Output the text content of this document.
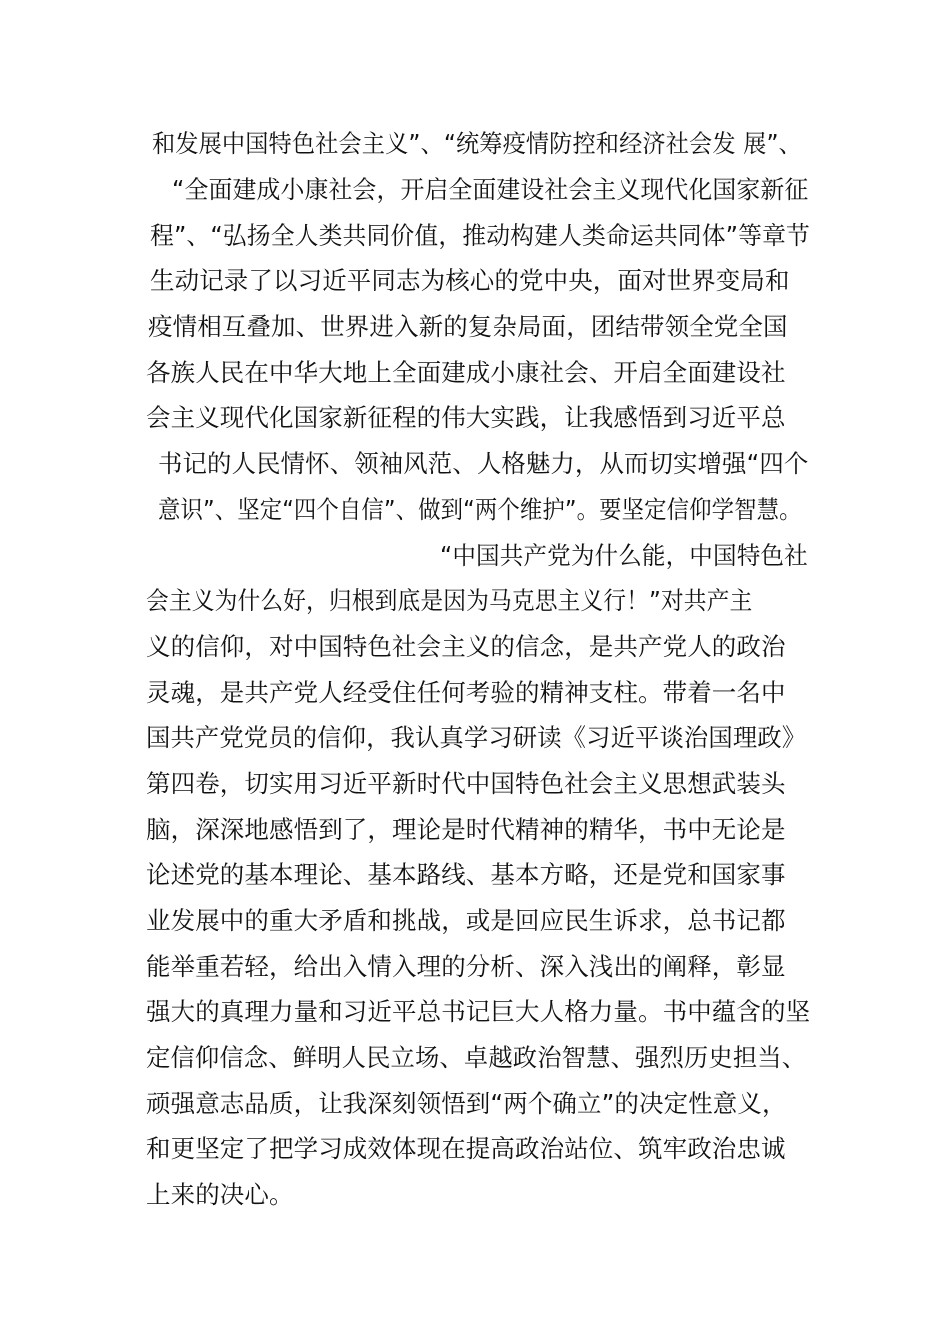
和发展中国特色社会主义”、“统筹疫情防控和经济社会发 展”、
“全面建成小康社会，开启全面建设社会主义现代化国家新征
程”、“弘扬全人类共同价值，推动构建人类命运共同体”等章节
生动记录了以习近平同志为核心的党中央，面对世界变局和
疫情相互叠加、世界进入新的复杂局面，团结带领全党全国
各族人民在中华大地上全面建成小康社会、开启全面建设社
会主义现代化国家新征程的伟大实践，让我感悟到习近平总
书记的人民情怀、领袖风范、人格魅力，从而切实增强“四个
意识”、坚定“四个自信”、做到“两个维护”。要坚定信仰学智慧。
“中国共产党为什么能，中国特色社
会主义为什么好，归根到底是因为马克思主义行！”对共产主
义的信仰，对中国特色社会主义的信念，是共产党人的政治
灵魂，是共产党人经受住任何考验的精神支柱。带着一名中
国共产党党员的信仰，我认真学习研读《习近平谈治国理政》
第四卷，切实用习近平新时代中国特色社会主义思想武装头
脑，深深地感悟到了，理论是时代精神的精华，书中无论是
论述党的基本理论、基本路线、基本方略，还是党和国家事
业发展中的重大矛盾和挑战，或是回应民生诉求，总书记都
能举重若轻，给出入情入理的分析、深入浅出的阐释，彰显
强大的真理力量和习近平总书记巨大人格力量。书中蕴含的坚
定信仰信念、鲜明人民立场、卓越政治智慧、强烈历史担当、
顽强意志品质，让我深刻领悟到“两个确立”的决定性意义，
和更坚定了把学习成效体现在提高政治站位、筑牢政治忠诚
上来的决心。
